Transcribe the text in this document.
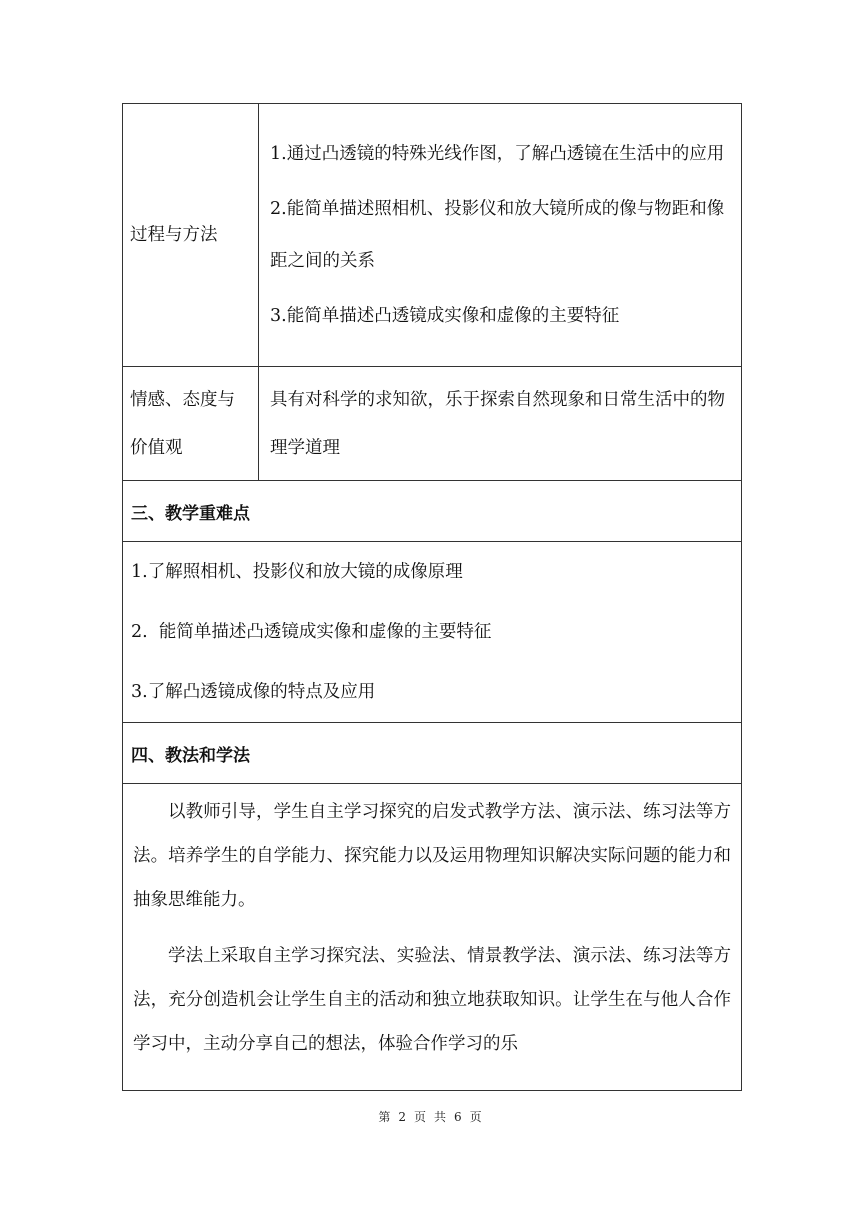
过程与方法	1.通过凸透镜的特殊光线作图，了解凸透镜在生活中的应用

2.能简单描述照相机、投影仪和放大镜所成的像与物距和像距之间的关系

3.能简单描述凸透镜成实像和虚像的主要特征

情感、态度与
价值观	具有对科学的求知欲，乐于探索自然现象和日常生活中的物理学道理
三、教学重难点	

1.了解照相机、投影仪和放大镜的成像原理

2.  能简单描述凸透镜成实像和虚像的主要特征

3.了解凸透镜成像的特点及应用	

四、教法和学法	

以教师引导，学生自主学习探究的启发式教学方法、演示法、练习法等方法。培养学生的自学能力、探究能力以及运用物理知识解决实际问题的能力和抽象思维能力。

学法上采取自主学习探究法、实验法、情景教学法、演示法、练习法等方法，充分创造机会让学生自主的活动和独立地获取知识。让学生在与他人合作学习中，主动分享自己的想法，体验合作学习的乐	

第 2 页 共 6 页
